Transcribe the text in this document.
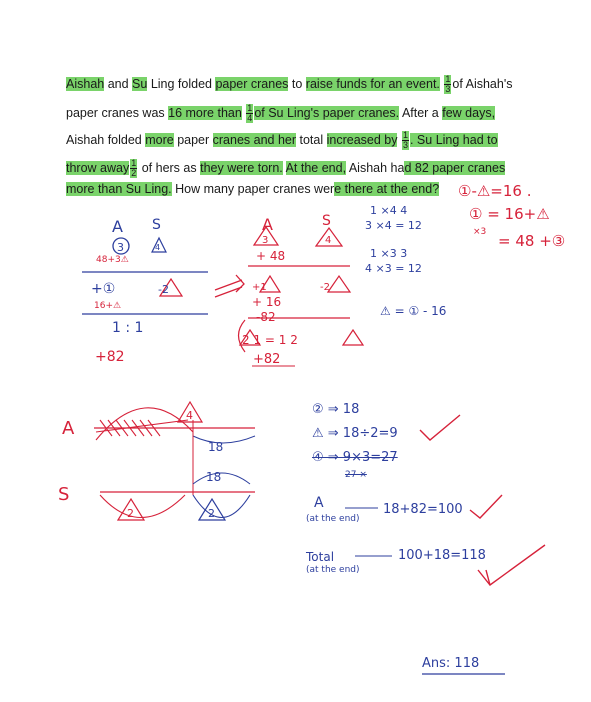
Aishah and Su Ling folded paper cranes to raise funds for an event. $\frac{1}{3}$ of Aishah's
paper cranes was 16 more than $\frac{1}{4}$ of Su Ling's paper cranes. After a few days,
Aishah folded more paper cranes and her total increased by $\frac{1}{3}$ . Su Ling had to
throw away $\frac{1}{2}$ of hers as they were torn. At the end, Aishah had 82 paper cranes
more than Su Ling. How many paper cranes were there at the end? ①-⚠=16 .
① = 16+⚠
×3 = 48 +③
1 ×4 4
3 ×4 = 12
1 ×3 3
4 ×3 = 12
⚠ = ① - 16
A S
48+3⚠
+①
16+⚠
1 : 1
+82
A	S
+ 48
+ 16
-82
+82
A
S
18
18
② ⇒ 18
⚠ ⇒ 18÷2=9
④ ⇒ 9×3=27
27 ×
A
(at the end)
18+82=100
Total
(at the end)
100+18=118
Ans: 118
3	4
-2
3	4
+1	-2
2 1 = 1 2
4
2	2
